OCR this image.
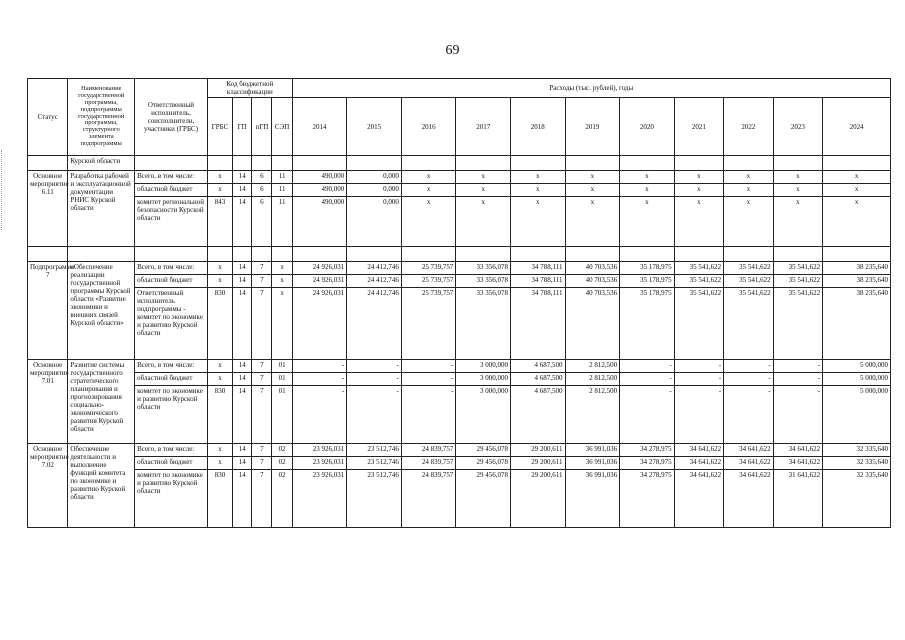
69
Статус	Наименование государственной программы, подпрограммы государственной программы, структурного элемента подпрограммы	Ответственный исполнитель, соисполнители, участники (ГРБС)	Код бюджетной классификации				Расходы (тыс. рублей), годы										
			ГРБС	ГП	пГП	СЭП	2014	2015	2016	2017	2018	2019	2020	2021	2022	2023	2024
	Курской области																
Основное мероприятие 6.11	Разработка рабочей и эксплуатационной документации РНИС Курской области	Всего, в том числе:	x	14	6	11	490,000	0,000	x	x	x	x	x	x	x	x	x
		областной бюджет	x	14	6	11	490,000	0,000	x	x	x	x	x	x	x	x	x
		комитет региональной безопасности Курской области	843	14	6	11	490,000	0,000	x	x	x	x	x	x	x	x	x

Подпрограмма 7	«Обеспечение реализации государственной программы Курской области «Развитие экономики и внешних связей Курской области»	Всего, в том числе:	x	14	7	x	24 926,031	24 412,746	25 739,757	33 356,078	34 788,111	40 703,536	35 178,975	35 541,622	35 541,622	35 541,622	38 235,640
		областной бюджет	x	14	7	x	24 926,031	24 412,746	25 739,757	33 356,078	34 788,111	40 703,536	35 178,975	35 541,622	35 541,622	35 541,622	38 235,640
		Ответственный исполнитель подпрограммы - комитет по экономике и развитию Курской области	830	14	7	x	24 926,031	24 412,746	25 739,757	33 356,078	34 788,111	40 703,536	35 178,975	35 541,622	35 541,622	35 541,622	38 235,640
Основное мероприятие 7.01	Развитие системы государственного стратегического планирования и прогнозирования социально-экономического развития Курской области	Всего, в том числе:	x	14	7	01	-	-	-	3 000,000	4 687,500	2 812,500	-	-	-	-	5 000,000
		областной бюджет	x	14	7	01	-	-	-	3 000,000	4 687,500	2 812,500	-	-	-	-	5 000,000
		комитет по экономике и развитию Курской области	830	14	7	01	-	-	-	3 000,000	4 687,500	2 812,500	-	-	-	-	5 000,000
Основное мероприятие 7.02	Обеспечение деятельности и выполнение функций комитета по экономике и развитию Курской области	Всего, в том числе:	x	14	7	02	23 926,031	23 512,746	24 839,757	29 456,078	29 200,611	36 991,036	34 278,975	34 641,622	34 641,622	34 641,622	32 335,640
		областной бюджет	x	14	7	02	23 926,031	23 512,746	24 839,757	29 456,078	29 200,611	36 991,036	34 278,975	34 641,622	34 641,622	34 641,622	32 335,640
		комитет по экономике и развитию Курской области	830	14	7	02	23 926,031	23 512,746	24 839,757	29 456,078	29 200,611	36 991,036	34 278,975	34 641,622	34 641,622	31 641,622	32 335,640
